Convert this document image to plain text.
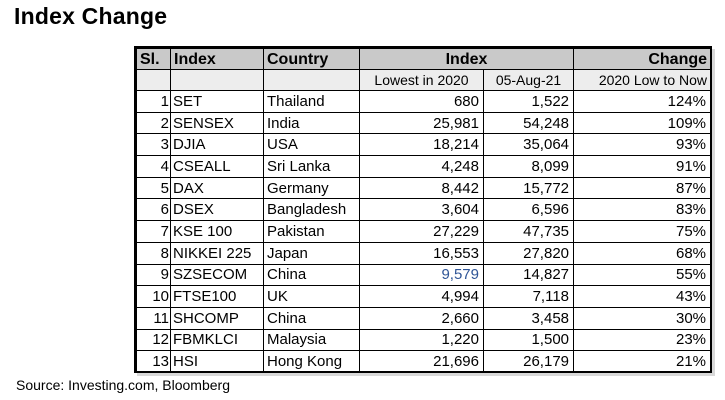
Index Change
Sl.	Index	Country	Index		Change
			Lowest in 2020	05-Aug-21	2020 Low to Now
1	SET	Thailand	680	1,522	124%
2	SENSEX	India	25,981	54,248	109%
3	DJIA	USA	18,214	35,064	93%
4	CSEALL	Sri Lanka	4,248	8,099	91%
5	DAX	Germany	8,442	15,772	87%
6	DSEX	Bangladesh	3,604	6,596	83%
7	KSE 100	Pakistan	27,229	47,735	75%
8	NIKKEI 225	Japan	16,553	27,820	68%
9	SZSECOM	China	9,579	14,827	55%
10	FTSE100	UK	4,994	7,118	43%
11	SHCOMP	China	2,660	3,458	30%
12	FBMKLCI	Malaysia	1,220	1,500	23%
13	HSI	Hong Kong	21,696	26,179	21%
Source: Investing.com, Bloomberg
